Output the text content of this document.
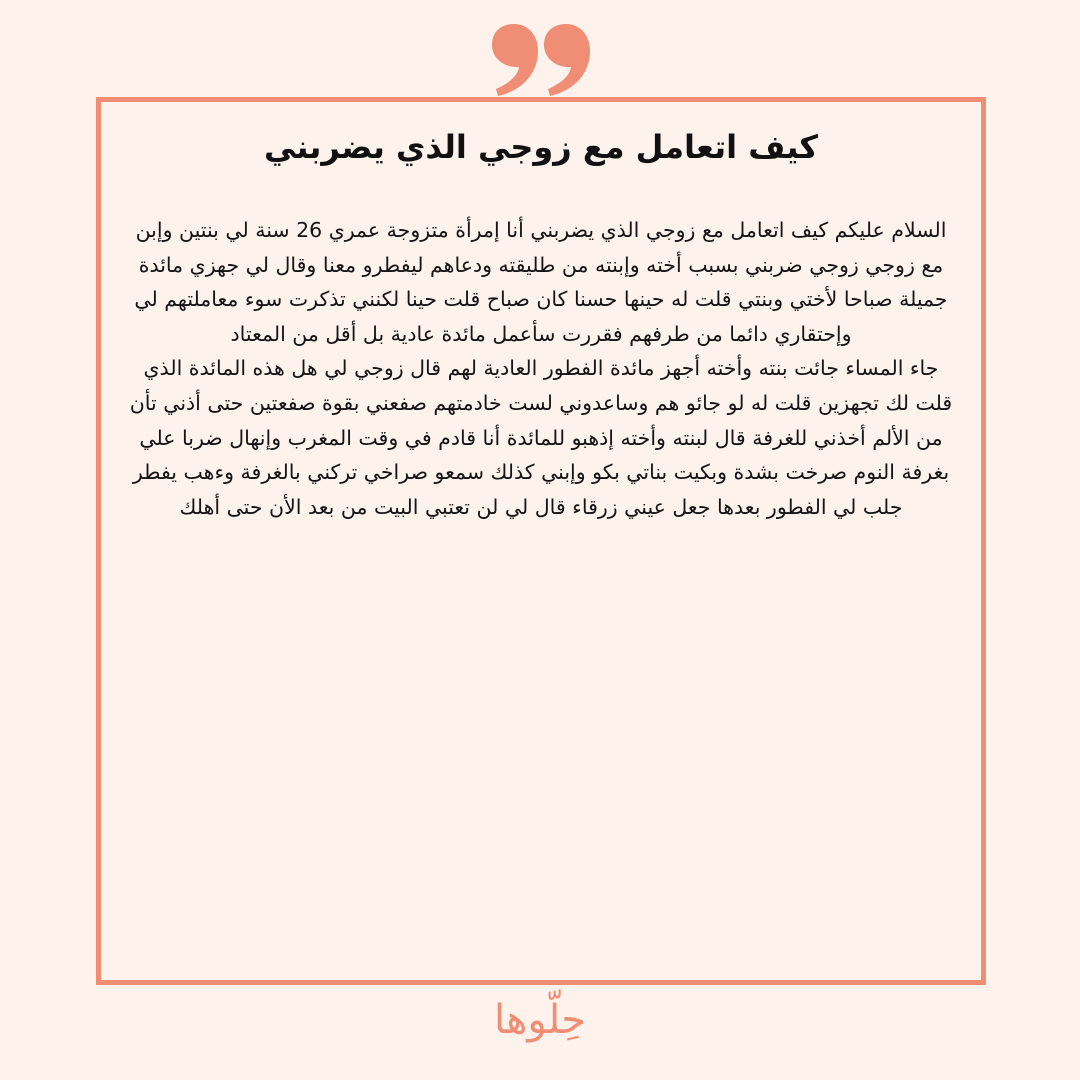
كيف اتعامل مع زوجي الذي يضربني

السلام عليكم كيف اتعامل مع زوجي الذي يضربني أنا إمرأة متزوجة عمري 26 سنة لي بنتين وإبن مع زوجي زوجي ضربني بسبب أخته وإبنته من طليقته ودعاهم ليفطرو معنا وقال لي جهزي مائدة جميلة صباحا لأختي وبنتي قلت له حينها حسنا كان صباح قلت حينا لكنني تذكرت سوء معاملتهم لي وإحتقاري دائما من طرفهم فقررت سأعمل مائدة عادية بل أقل من المعتاد

جاء المساء جائت بنته وأخته أجهز مائدة الفطور العادية لهم قال زوجي لي هل هذه المائدة الذي قلت لك تجهزين قلت له لو جائو هم وساعدوني لست خادمتهم صفعني بقوة صفعتين حتى أذني تأن من الألم أخذني للغرفة قال لبنته وأخته إذهبو للمائدة أنا قادم في وقت المغرب وإنهال ضربا علي بغرفة النوم صرخت بشدة وبكيت بناتي بكو وإبني كذلك سمعو صراخي تركني بالغرفة وءهب يفطر جلب لي الفطور بعدها جعل عيني زرقاء قال لي لن تعتبي البيت من بعد الأن حتى أهلك

حِلّوها
